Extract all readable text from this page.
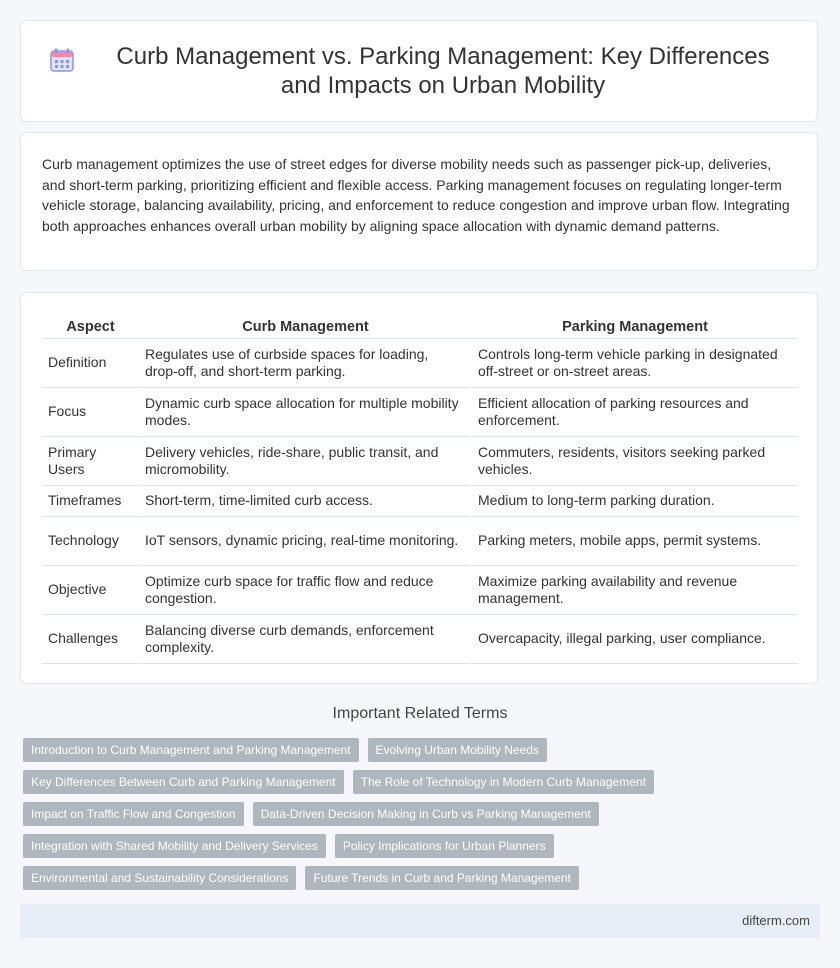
Curb Management vs. Parking Management: Key Differences and Impacts on Urban Mobility

Curb management optimizes the use of street edges for diverse mobility needs such as passenger pick-up, deliveries, and short-term parking, prioritizing efficient and flexible access. Parking management focuses on regulating longer-term vehicle storage, balancing availability, pricing, and enforcement to reduce congestion and improve urban flow. Integrating both approaches enhances overall urban mobility by aligning space allocation with dynamic demand patterns.

Aspect	Curb Management	Parking Management
Definition	Regulates use of curbside spaces for loading, drop-off, and short-term parking.	Controls long-term vehicle parking in designated off-street or on-street areas.
Focus	Dynamic curb space allocation for multiple mobility modes.	Efficient allocation of parking resources and enforcement.
Primary Users	Delivery vehicles, ride-share, public transit, and micromobility.	Commuters, residents, visitors seeking parked vehicles.
Timeframes	Short-term, time-limited curb access.	Medium to long-term parking duration.
Technology	IoT sensors, dynamic pricing, real-time monitoring.	Parking meters, mobile apps, permit systems.
Objective	Optimize curb space for traffic flow and reduce congestion.	Maximize parking availability and revenue management.
Challenges	Balancing diverse curb demands, enforcement complexity.	Overcapacity, illegal parking, user compliance.
Important Related Terms
Introduction to Curb Management and Parking Management	Evolving Urban Mobility Needs
Key Differences Between Curb and Parking Management	The Role of Technology in Modern Curb Management
Impact on Traffic Flow and Congestion	Data-Driven Decision Making in Curb vs Parking Management
Integration with Shared Mobility and Delivery Services	Policy Implications for Urban Planners
Environmental and Sustainability Considerations	Future Trends in Curb and Parking Management
difterm.com
